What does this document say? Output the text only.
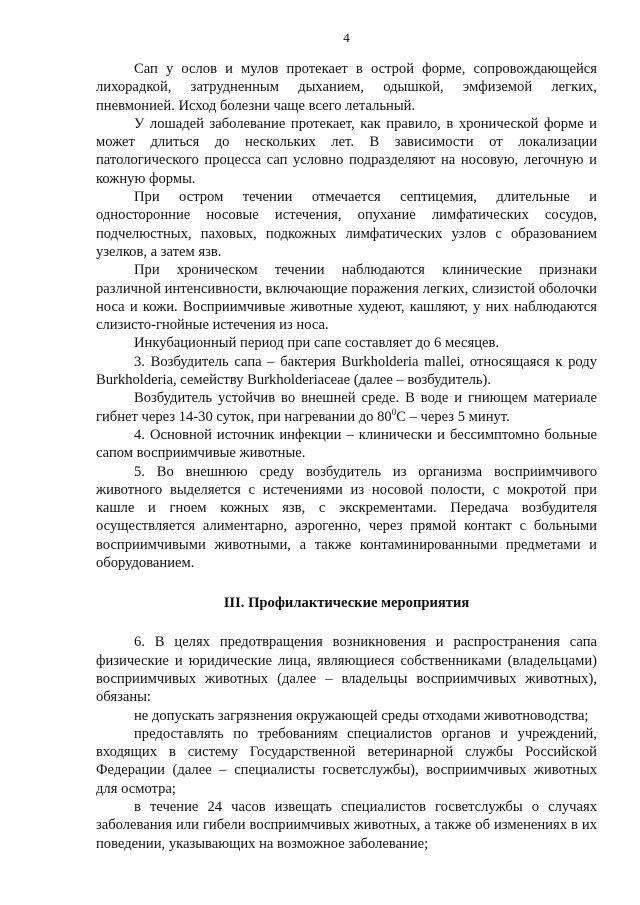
4

Сап у ослов и мулов протекает в острой форме, сопровождающейся лихорадкой, затрудненным дыханием, одышкой, эмфиземой легких, пневмонией. Исход болезни чаще всего летальный.

У лошадей заболевание протекает, как правило, в хронической форме и может длиться до нескольких лет. В зависимости от локализации патологического процесса сап условно подразделяют на носовую, легочную и кожную формы.

При остром течении отмечается септицемия, длительные и односторонние носовые истечения, опухание лимфатических сосудов, подчелюстных, паховых, подкожных лимфатических узлов с образованием узелков, а затем язв.

При хроническом течении наблюдаются клинические признаки различной интенсивности, включающие поражения легких, слизистой оболочки носа и кожи. Восприимчивые животные худеют, кашляют, у них наблюдаются слизисто-гнойные истечения из носа.

Инкубационный период при сапе составляет до 6 месяцев.

3. Возбудитель сапа – бактерия Burkholderia mallei, относящаяся к роду Burkholderia, семейству Burkholderiaceae (далее – возбудитель).

Возбудитель устойчив во внешней среде. В воде и гниющем материале гибнет через 14-30 суток, при нагревании до $80^0С$ – через 5 минут.

4. Основной источник инфекции – клинически и бессимптомно больные сапом восприимчивые животные.

5. Во внешнюю среду возбудитель из организма восприимчивого животного выделяется с истечениями из носовой полости, с мокротой при кашле и гноем кожных язв, с экскрементами. Передача возбудителя осуществляется алиментарно, аэрогенно, через прямой контакт с больными восприимчивыми животными, а также контаминированными предметами и оборудованием.

III. Профилактические мероприятия

6. В целях предотвращения возникновения и распространения сапа физические и юридические лица, являющиеся собственниками (владельцами) восприимчивых животных (далее – владельцы восприимчивых животных), обязаны:

не допускать загрязнения окружающей среды отходами животноводства;

предоставлять по требованиям специалистов органов и учреждений, входящих в систему Государственной ветеринарной службы Российской Федерации (далее – специалисты госветслужбы), восприимчивых животных для осмотра;

в течение 24 часов извещать специалистов госветслужбы о случаях заболевания или гибели восприимчивых животных, а также об изменениях в их поведении, указывающих на возможное заболевание;
